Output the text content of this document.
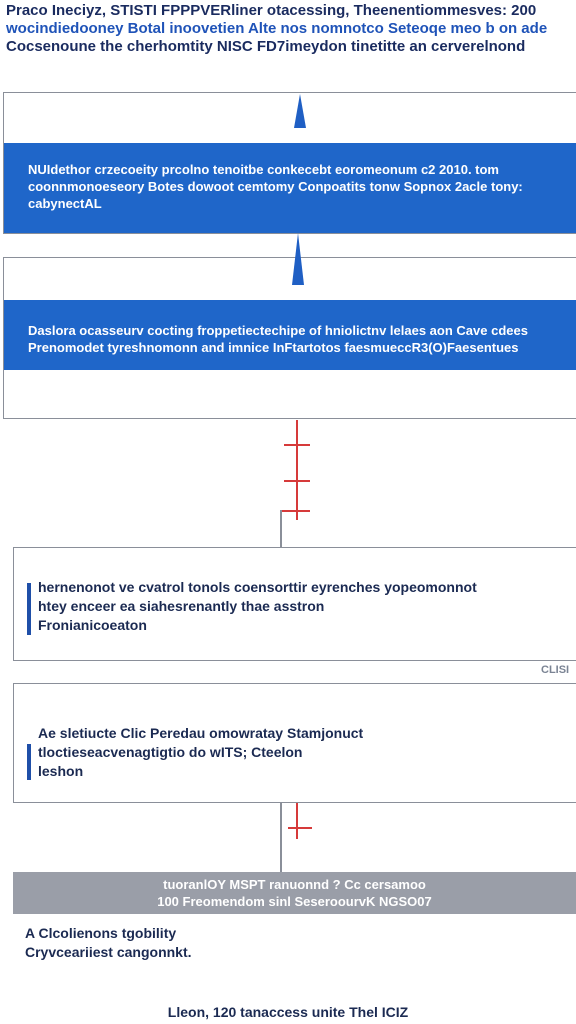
Praco Ineciyz, STISTI FPPPVERliner otacessing, Theenentiommesves: 200
wocindiedooney Botal inoovetien Alte nos nomnotco Seteoqe meo b on ade
Cocsenoune the cherhomtity NISC FD7imeydon tinetitte an cerverelnond
NUIdethor crzecoeity prcolno tenoitbe conkecebt eoromeonum c2 2010. tom
coonnmonoeseory Botes dowoot cemtomy Conpoatits tonw Sopnox 2acle tony:
cabynectAL
Daslora ocasseurv cocting froppetiectechipe of hniolictnv lelaes aon Cave cdees
Prenomodet tyreshnomonn and imnice InFtartotos faesmueccR3(O)Faesentues
hernenonot ve cvatrol tonols coensorttir eyrenches yopeomonnot
htey enceer ea siahesrenantly thae asstron
Fronianicoeaton
CLISI
Ae sletiucte Clic Peredau omowratay Stamjonuct
tloctieseacvenagtigtio do wITS; Cteelon
leshon
tuoranlOY MSPT ranuonnd ? Cc cersamoo
100 Freomendom sinl SeseroourvK NGSO07
A Clcolienons tgobility
Cryvceariiest cangonnkt.
Lleon, 120 tanaccess unite Thel ICIZ
